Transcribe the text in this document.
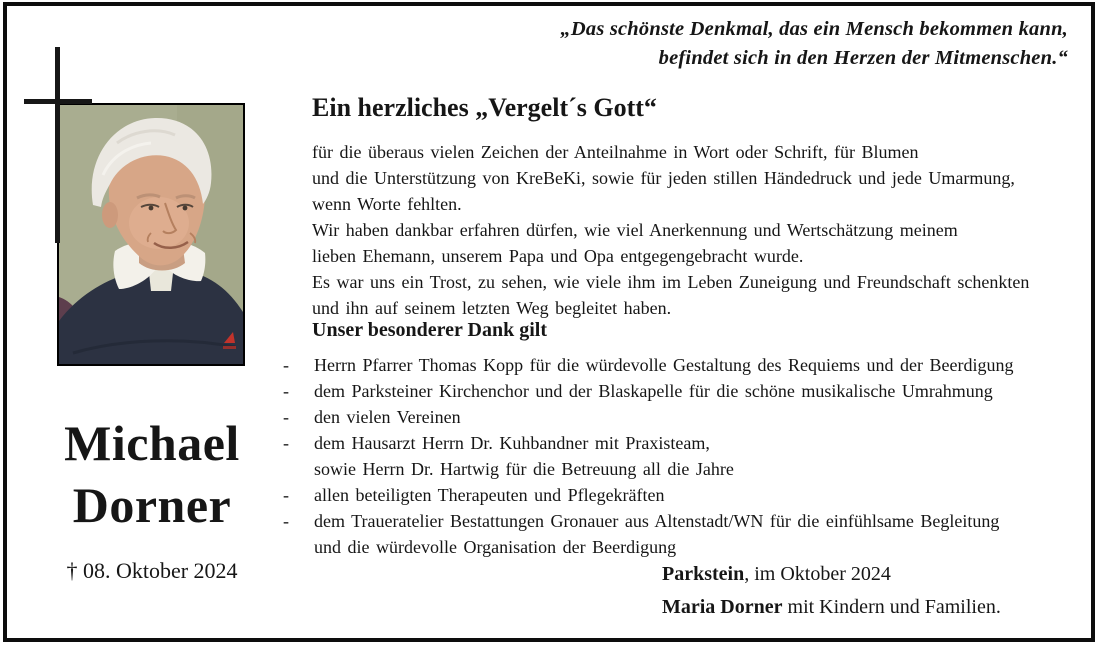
„Das schönste Denkmal, das ein Mensch bekommen kann,
befindet sich in den Herzen der Mitmenschen.“
Michael
Dorner
† 08. Oktober 2024
Ein herzliches „Vergelt´s Gott“
für die überaus vielen Zeichen der Anteilnahme in Wort oder Schrift, für Blumen
und die Unterstützung von KreBeKi, sowie für jeden stillen Händedruck und jede Umarmung,
wenn Worte fehlten.
Wir haben dankbar erfahren dürfen, wie viel Anerkennung und Wertschätzung meinem
lieben Ehemann, unserem Papa und Opa entgegengebracht wurde.
Es war uns ein Trost, zu sehen, wie viele ihm im Leben Zuneigung und Freundschaft schenkten
und ihn auf seinem letzten Weg begleitet haben.
Unser besonderer Dank gilt
-	Herrn Pfarrer Thomas Kopp für die würdevolle Gestaltung des Requiems und der Beerdigung
-	dem Parksteiner Kirchenchor und der Blaskapelle für die schöne musikalische Umrahmung
-	den vielen Vereinen
-	dem Hausarzt Herrn Dr. Kuhbandner mit Praxisteam,
sowie Herrn Dr. Hartwig für die Betreuung all die Jahre
-	allen beteiligten Therapeuten und Pflegekräften
-	dem Traueratelier Bestattungen Gronauer aus Altenstadt/WN für die einfühlsame Begleitung
und die würdevolle Organisation der Beerdigung
Parkstein, im Oktober 2024
Maria Dorner mit Kindern und Familien.
